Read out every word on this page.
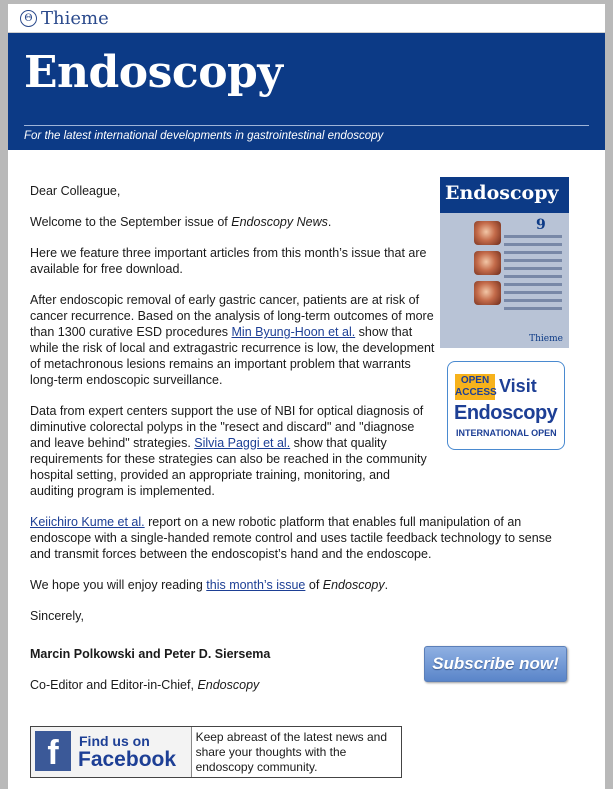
Θ Thieme
Endoscopy
For the latest international developments in gastrointestinal endoscopy

Dear Colleague,

Welcome to the September issue of Endoscopy News.

Here we feature three important articles from this month’s issue that are available for free download.

After endoscopic removal of early gastric cancer, patients are at risk of cancer recurrence. Based on the analysis of long-term outcomes of more than 1300 curative ESD procedures Min Byung-Hoon et al. show that while the risk of local and extragastric recurrence is low, the development of metachronous lesions remains an important problem that warrants long-term endoscopic surveillance.

Data from expert centers support the use of NBI for optical diagnosis of diminutive colorectal polyps in the "resect and discard" and "diagnose and leave behind" strategies. Silvia Paggi et al. show that quality requirements for these strategies can also be reached in the community hospital setting, provided an appropriate training, monitoring, and auditing program is implemented.

Keiichiro Kume et al. report on a new robotic platform that enables full manipulation of an endoscope with a single-handed remote control and uses tactile feedback technology to sense and transmit forces between the endoscopist’s hand and the endoscope.

We hope you will enjoy reading this month’s issue of Endoscopy.

Sincerely,

Marcin Polkowski and Peter D. Siersema

Co-Editor and Editor-in-Chief, Endoscopy

Endoscopy
9
Thieme
OPEN
ACCESS Visit
Endoscopy
INTERNATIONAL OPEN
Subscribe now!
f	Find us on
Facebook
Keep abreast of the latest news and share your thoughts with the endoscopy community.
